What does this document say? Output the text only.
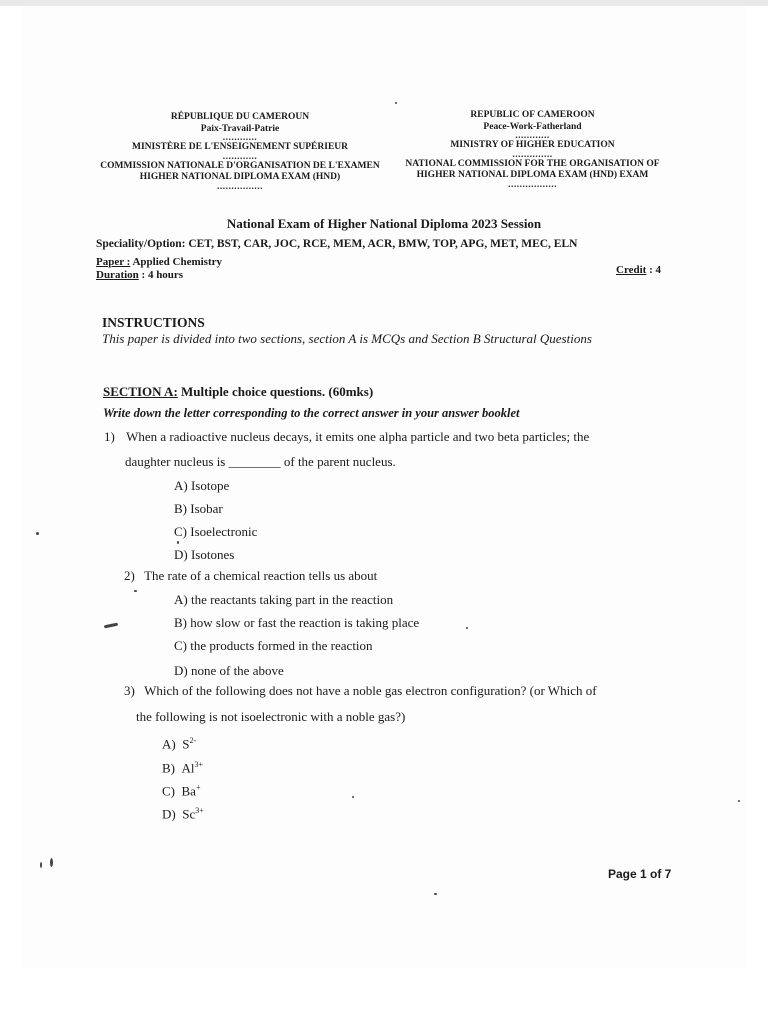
RÉPUBLIQUE DU CAMEROUN
Paix-Travail-Patrie
............
MINISTÈRE DE L'ENSEIGNEMENT SUPÉRIEUR
............
COMMISSION NATIONALE D'ORGANISATION DE L'EXAMEN
HIGHER NATIONAL DIPLOMA EXAM (HND)
................
REPUBLIC OF CAMEROON
Peace-Work-Fatherland
............
MINISTRY OF HIGHER EDUCATION
..............
NATIONAL COMMISSION FOR THE ORGANISATION OF
HIGHER NATIONAL DIPLOMA EXAM (HND) EXAM
.................
National Exam of Higher National Diploma 2023 Session
Speciality/Option: CET, BST, CAR, JOC, RCE, MEM, ACR, BMW, TOP, APG, MET, MEC, ELN
Paper : Applied Chemistry
Duration : 4 hours	Credit : 4
INSTRUCTIONS
This paper is divided into two sections, section A is MCQs and Section B Structural Questions
SECTION A: Multiple choice questions. (60mks)
Write down the letter corresponding to the correct answer in your answer booklet
1) When a radioactive nucleus decays, it emits one alpha particle and two beta particles; the
daughter nucleus is ________ of the parent nucleus.
A) Isotope
B) Isobar
C) Isoelectronic
D) Isotones
2) The rate of a chemical reaction tells us about
A) the reactants taking part in the reaction
B) how slow or fast the reaction is taking place
C) the products formed in the reaction
D) none of the above
3) Which of the following does not have a noble gas electron configuration? (or Which of
the following is not isoelectronic with a noble gas?)
A) $S^{2-}$
B) $Al^{3+}$
C) Ba+
D) $Sc^{3+}$
Page 1 of 7
